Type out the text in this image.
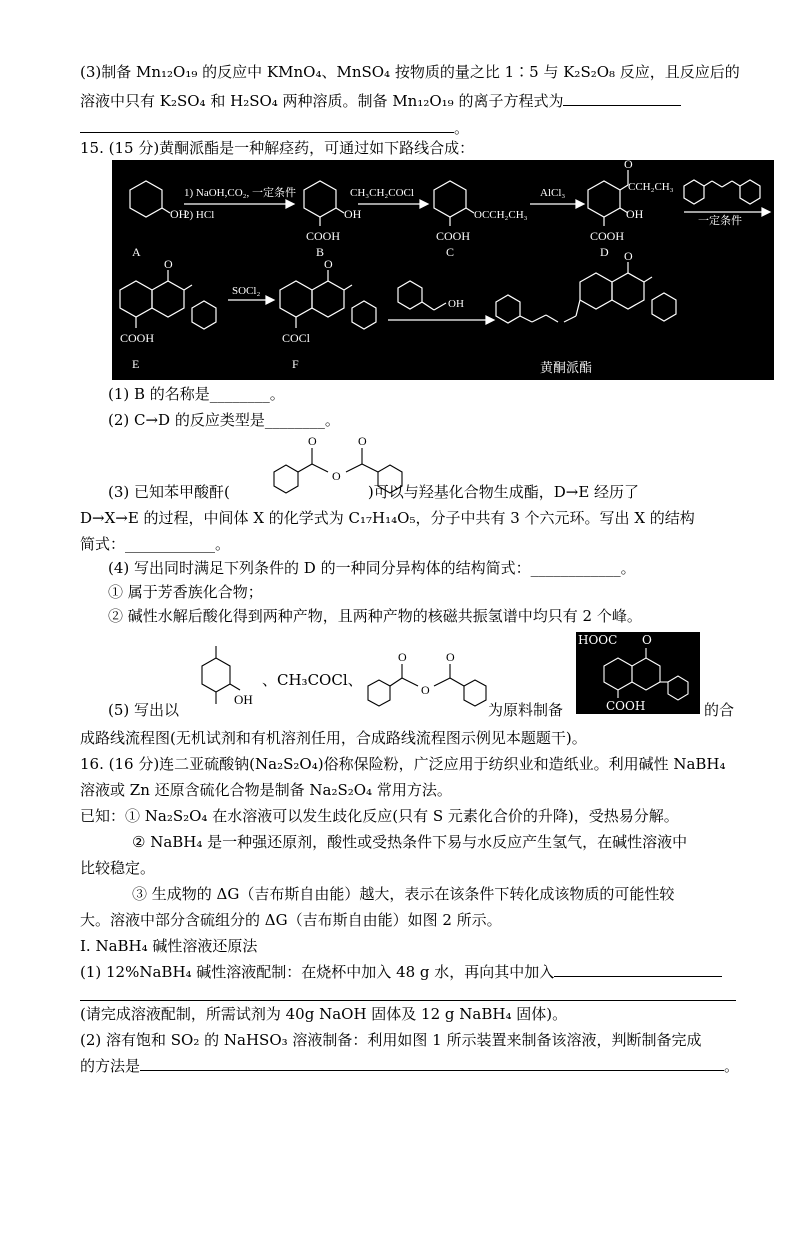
(3)制备 Mn₁₂O₁₉ 的反应中 KMnO₄、MnSO₄ 按物质的量之比 1∶5 与 K₂S₂O₈ 反应，且反应后的
溶液中只有 K₂SO₄ 和 H₂SO₄ 两种溶质。制备 Mn₁₂O₁₉ 的离子方程式为
。
15. (15 分)黄酮派酯是一种解痉药，可通过如下路线合成：
OH
1) NaOH,CO₂, 一定条件
2) HCl	OH
COOH
CH₃CH₂COCl
OCCH₂CH₃
COOH
AlCl₃
O
CCH₂CH₃
OH
COOH
一定条件
A	B	C	D
O
COOH
E
SOCl₂
O
COCl
F
OH
O
黄酮派酯
(1) B 的名称是________。
(2) C→D 的反应类型是________。
O	O
O
(3) 已知苯甲酸酐(	)可以与羟基化合物生成酯，D→E 经历了
D→X→E 的过程，中间体 X 的化学式为 C₁₇H₁₄O₅，分子中共有 3 个六元环。写出 X 的结构
简式：____________。
(4) 写出同时满足下列条件的 D 的一种同分异构体的结构简式：____________。
① 属于芳香族化合物；
② 碱性水解后酸化得到两种产物，且两种产物的核磁共振氢谱中均只有 2 个峰。
OH
、CH₃COCl、
O	O
O
HOOC O
COOH
(5) 写出以	为原料制备	的合
成路线流程图(无机试剂和有机溶剂任用，合成路线流程图示例见本题题干)。
16. (16 分)连二亚硫酸钠(Na₂S₂O₄)俗称保险粉，广泛应用于纺织业和造纸业。利用碱性 NaBH₄
溶液或 Zn 还原含硫化合物是制备 Na₂S₂O₄ 常用方法。
已知：① Na₂S₂O₄ 在水溶液可以发生歧化反应(只有 S 元素化合价的升降)，受热易分解。
② NaBH₄ 是一种强还原剂，酸性或受热条件下易与水反应产生氢气，在碱性溶液中
比较稳定。
③ 生成物的 ΔG（吉布斯自由能）越大，表示在该条件下转化成该物质的可能性较
大。溶液中部分含硫组分的 ΔG（吉布斯自由能）如图 2 所示。
I. NaBH₄ 碱性溶液还原法
(1) 12%NaBH₄ 碱性溶液配制：在烧杯中加入 48 g 水，再向其中加入
(请完成溶液配制，所需试剂为 40g NaOH 固体及 12 g NaBH₄ 固体)。
(2) 溶有饱和 SO₂ 的 NaHSO₃ 溶液制备：利用如图 1 所示装置来制备该溶液，判断制备完成
的方法是	。
